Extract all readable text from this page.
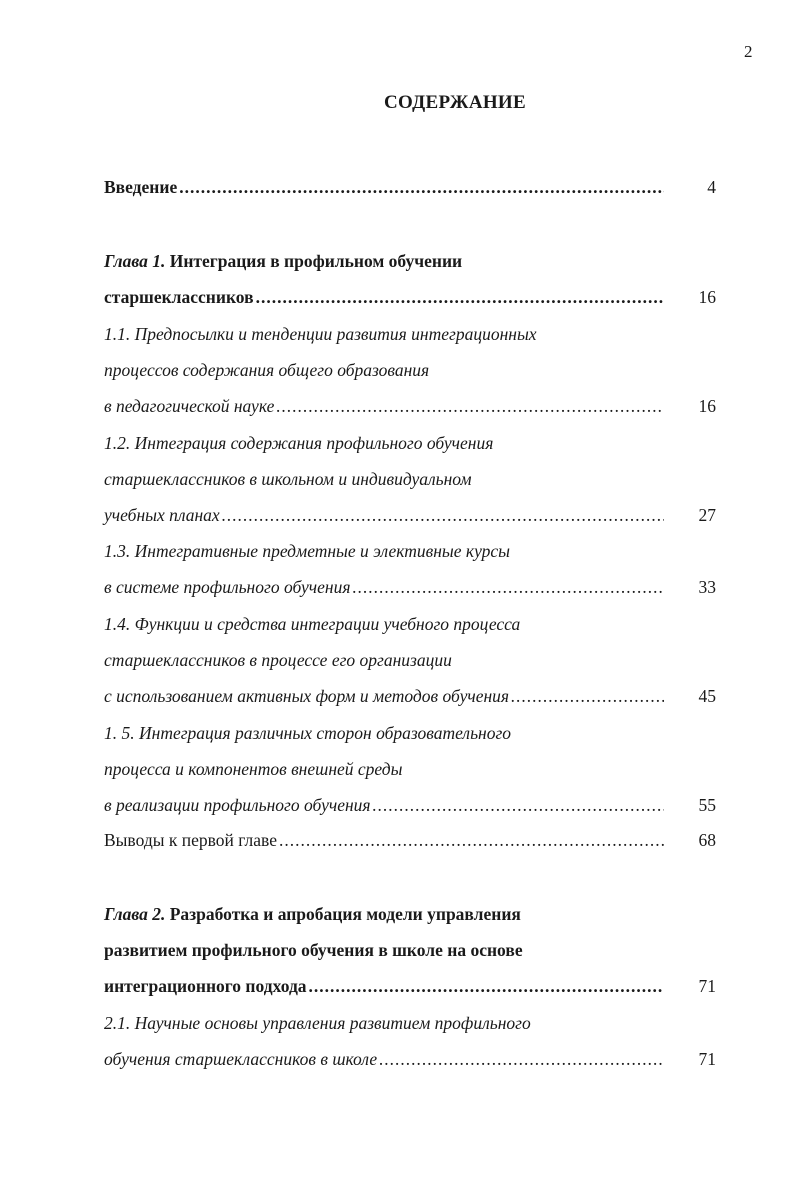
2
СОДЕРЖАНИЕ
Введение .....	4
Глава 1. Интеграция в профильном обучении
старшеклассников .....	16
1.1. Предпосылки и тенденции развития интеграционных
процессов содержания общего образования
в педагогической науке .....	16
1.2. Интеграция содержания профильного обучения
старшеклассников в школьном и индивидуальном
учебных планах .....	27
1.3. Интегративные предметные и элективные курсы
в системе профильного обучения .....	33
1.4. Функции и средства интеграции учебного процесса
старшеклассников в процессе его организации
с использованием активных форм и методов обучения .....	45
1. 5. Интеграция различных сторон образовательного
процесса и компонентов внешней среды
в реализации профильного обучения .....	55
Выводы к первой главе .....	68
Глава 2. Разработка и апробация модели управления
развитием профильного обучения в школе на основе
интеграционного подхода .....	71
2.1. Научные основы управления развитием профильного
обучения старшеклассников в школе .....	71
